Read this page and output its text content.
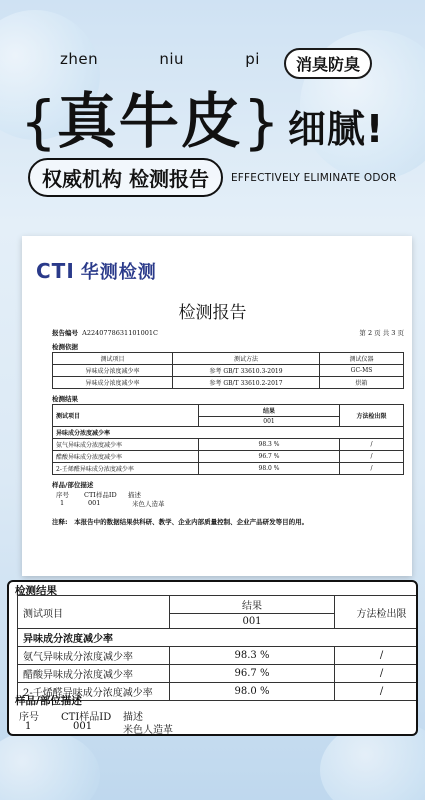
zhen	niu	pi	消臭防臭
{ 真牛皮 } 细腻!
权威机构 检测报告	EFFECTIVELY ELIMINATE ODOR
CTI 华测检测
检测报告
报告编号 A2240778631101001C	第 2 页 共 3 页
检测依据
测试项目	测试方法	测试仪器
异味成分浓度减少率	参考 GB/T 33610.3-2019	GC-MS
异味成分浓度减少率	参考 GB/T 33610.2-2017	烘箱
检测结果
测试项目	结果	方法检出限
	001	
异味成分浓度减少率		
氨气异味成分浓度减少率	98.3 %	/
醋酸异味成分浓度减少率	96.7 %	/
2-壬烯醛异味成分浓度减少率	98.0 %	/
样品/部位描述
序号	CTI样品ID	描述
1	001	米色人造革
注释:　本报告中的数据结果供科研、教学、企业内部质量控制、企业产品研发等目的用。
检测结果
测试项目	结果	方法检出限
	001	
异味成分浓度减少率		
氨气异味成分浓度减少率	98.3 %	/
醋酸异味成分浓度减少率	96.7 %	/
2-壬烯醛异味成分浓度减少率	98.0 %	/
样品/部位描述
序号	CTI样品ID	描述
1	001	米色人造革
